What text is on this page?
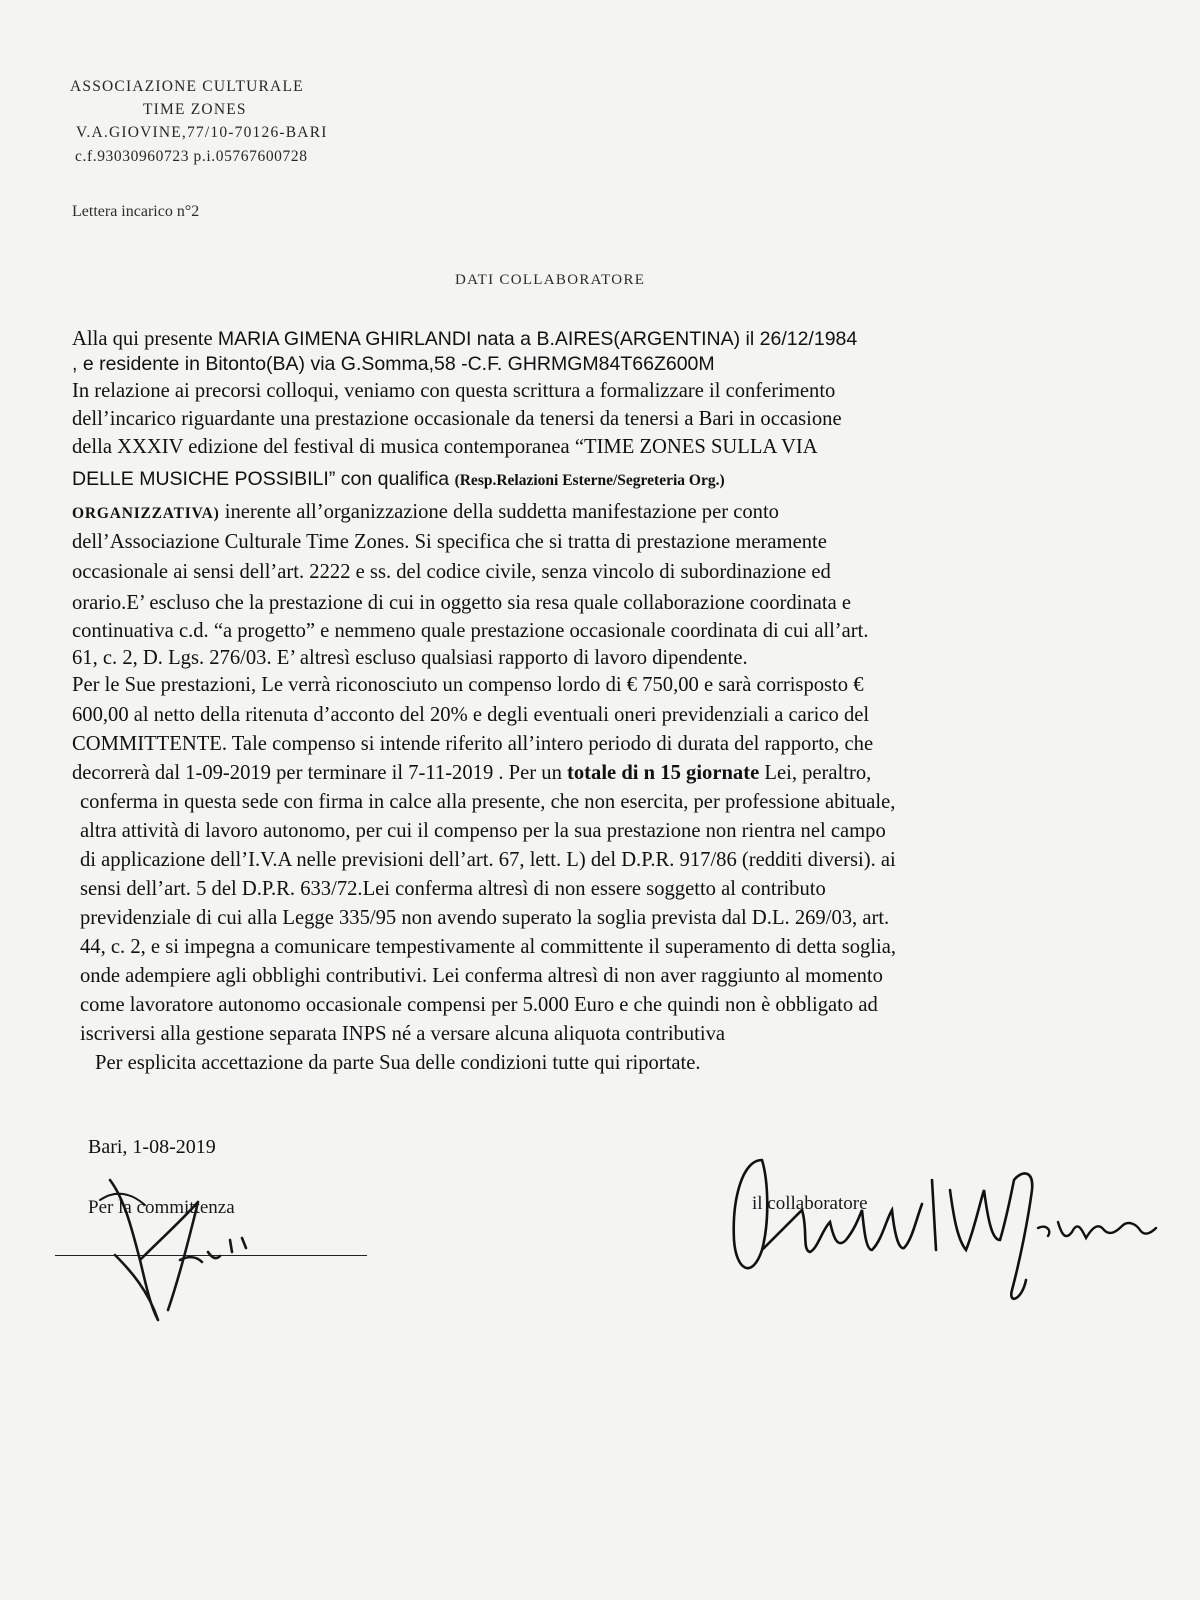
ASSOCIAZIONE CULTURALE
TIME ZONES
V.A.GIOVINE,77/10-70126-BARI
c.f.93030960723 p.i.05767600728
Lettera incarico n°2
DATI COLLABORATORE
Alla qui presente MARIA GIMENA GHIRLANDI nata a B.AIRES(ARGENTINA) il 26/12/1984
, e residente in Bitonto(BA) via G.Somma,58 -C.F. GHRMGM84T66Z600M
In relazione ai precorsi colloqui, veniamo con questa scrittura a formalizzare il conferimento
dell’incarico riguardante una prestazione occasionale da tenersi da tenersi a Bari in occasione
della XXXIV edizione del festival di musica contemporanea “TIME ZONES SULLA VIA
DELLE MUSICHE POSSIBILI” con qualifica (Resp.Relazioni Esterne/Segreteria Org.)
ORGANIZZATIVA) inerente all’organizzazione della suddetta manifestazione per conto
dell’Associazione Culturale Time Zones. Si specifica che si tratta di prestazione meramente
occasionale ai sensi dell’art. 2222 e ss. del codice civile, senza vincolo di subordinazione ed
orario.E’ escluso che la prestazione di cui in oggetto sia resa quale collaborazione coordinata e
continuativa c.d. “a progetto” e nemmeno quale prestazione occasionale coordinata di cui all’art.
61, c. 2, D. Lgs. 276/03. E’ altresì escluso qualsiasi rapporto di lavoro dipendente.
Per le Sue prestazioni, Le verrà riconosciuto un compenso lordo di € 750,00 e sarà corrisposto €
600,00 al netto della ritenuta d’acconto del 20% e degli eventuali oneri previdenziali a carico del
COMMITTENTE. Tale compenso si intende riferito all’intero periodo di durata del rapporto, che
decorrerà dal 1-09-2019 per terminare il 7-11-2019 . Per un totale di n 15 giornate Lei, peraltro,
conferma in questa sede con firma in calce alla presente, che non esercita, per professione abituale,
altra attività di lavoro autonomo, per cui il compenso per la sua prestazione non rientra nel campo
di applicazione dell’I.V.A nelle previsioni dell’art. 67, lett. L) del D.P.R. 917/86 (redditi diversi). ai
sensi dell’art. 5 del D.P.R. 633/72.Lei conferma altresì di non essere soggetto al contributo
previdenziale di cui alla Legge 335/95 non avendo superato la soglia prevista dal D.L. 269/03, art.
44, c. 2, e si impegna a comunicare tempestivamente al committente il superamento di detta soglia,
onde adempiere agli obblighi contributivi. Lei conferma altresì di non aver raggiunto al momento
come lavoratore autonomo occasionale compensi per 5.000 Euro e che quindi non è obbligato ad
iscriversi alla gestione separata INPS né a versare alcuna aliquota contributiva
Per esplicita accettazione da parte Sua delle condizioni tutte qui riportate.
Bari, 1-08-2019
Per la committenza	il collaboratore
